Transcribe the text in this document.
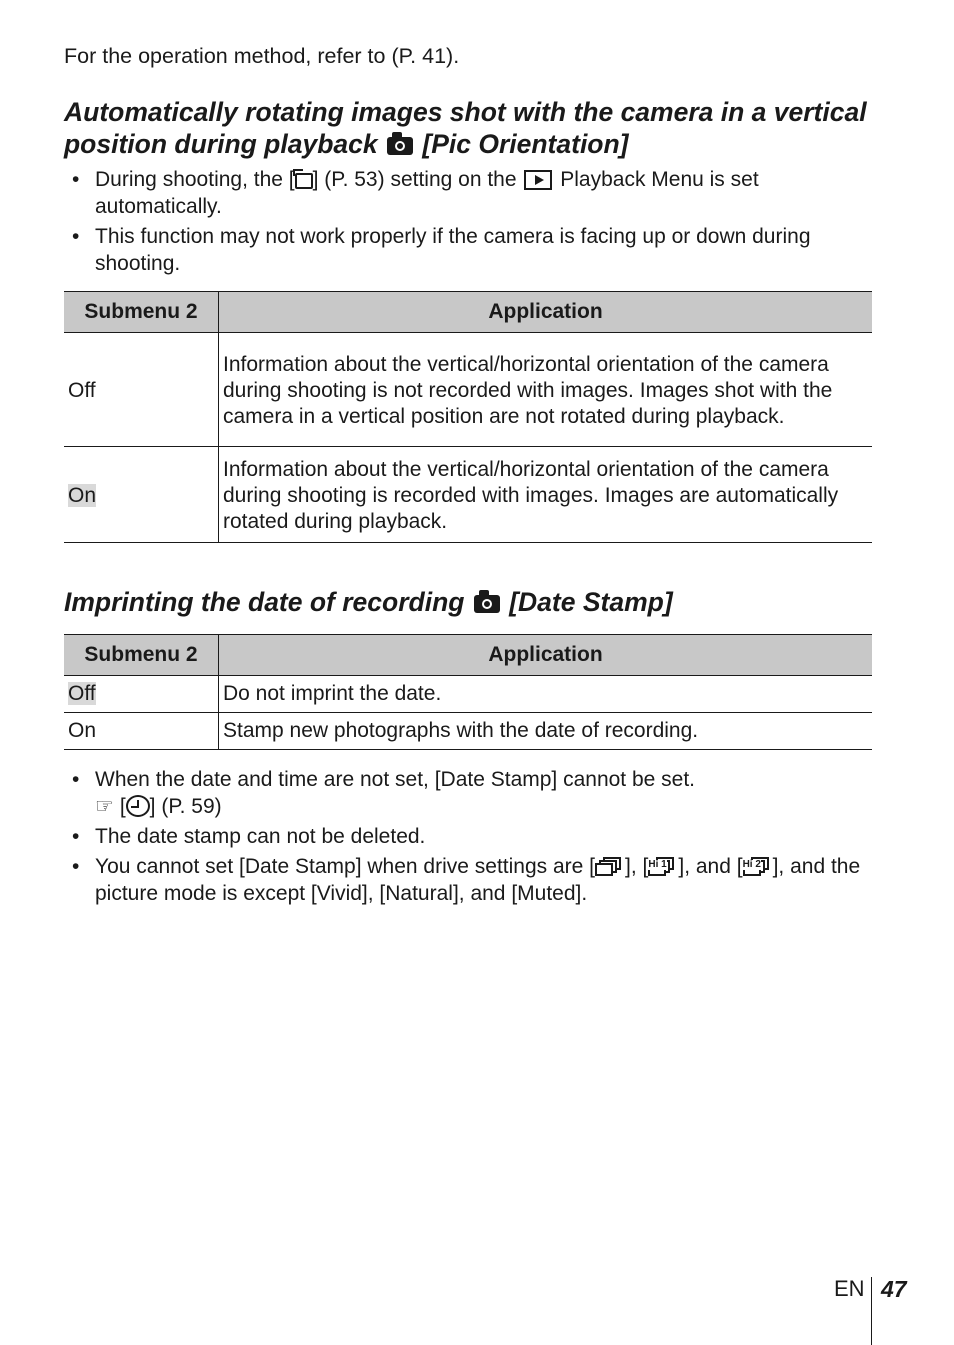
For the operation method, refer to (P. 41).
Automatically rotating images shot with the camera in a vertical position during playback [Pic Orientation]
• During shooting, the [ ] (P. 53) setting on the Playback Menu is set automatically.
• This function may not work properly if the camera is facing up or down during shooting.
Submenu 2	Application
Off	Information about the vertical/horizontal orientation of the camera during shooting is not recorded with images. Images shot with the camera in a vertical position are not rotated during playback.
On	Information about the vertical/horizontal orientation of the camera during shooting is recorded with images. Images are automatically rotated during playback.
Imprinting the date of recording [Date Stamp]
Submenu 2	Application
Off	Do not imprint the date.
On	Stamp new photographs with the date of recording.
• When the date and time are not set, [Date Stamp] cannot be set.
☞ [ ] (P. 59)
• The date stamp can not be deleted.
• You cannot set [Date Stamp] when drive settings are [ ], [ Hi 1 ], and [ Hi 2 ], and the picture mode is except [Vivid], [Natural], and [Muted].
EN 47
